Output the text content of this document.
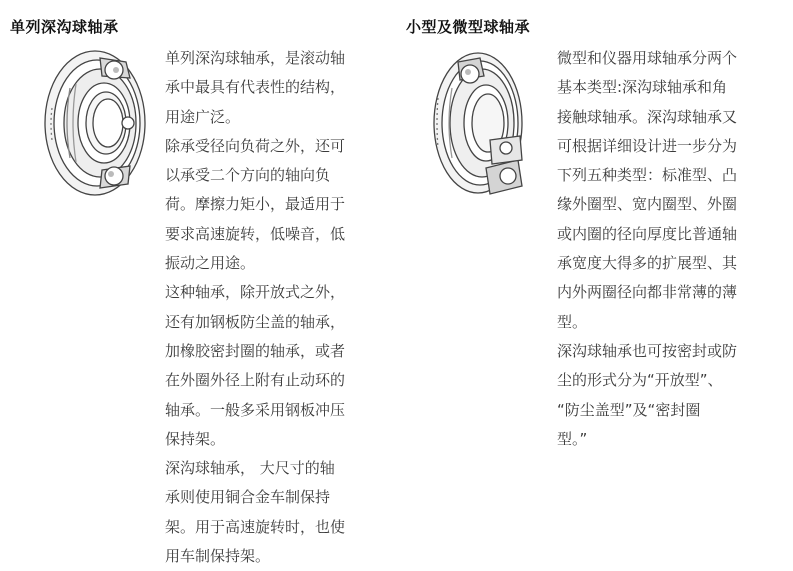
单列深沟球轴承

单列深沟球轴承，是滚动轴

承中最具有代表性的结构，

用途广泛。

除承受径向负荷之外，还可

以承受二个方向的轴向负

荷。摩擦力矩小，最适用于

要求高速旋转，低噪音，低

振动之用途。

这种轴承，除开放式之外，

还有加钢板防尘盖的轴承，

加橡胶密封圈的轴承，或者

在外圈外径上附有止动环的

轴承。一般多采用钢板冲压

保持架。

深沟球轴承， 大尺寸的轴

承则使用铜合金车制保持

架。用于高速旋转时，也使

用车制保持架。

小型及微型球轴承

微型和仪器用球轴承分两个

基本类型:深沟球轴承和角

接触球轴承。深沟球轴承又

可根据详细设计进一步分为

下列五种类型：标准型、凸

缘外圈型、宽内圈型、外圈

或内圈的径向厚度比普通轴

承宽度大得多的扩展型、其

内外两圈径向都非常薄的薄

型。

深沟球轴承也可按密封或防

尘的形式分为“开放型”、

“防尘盖型”及“密封圈

型。”
